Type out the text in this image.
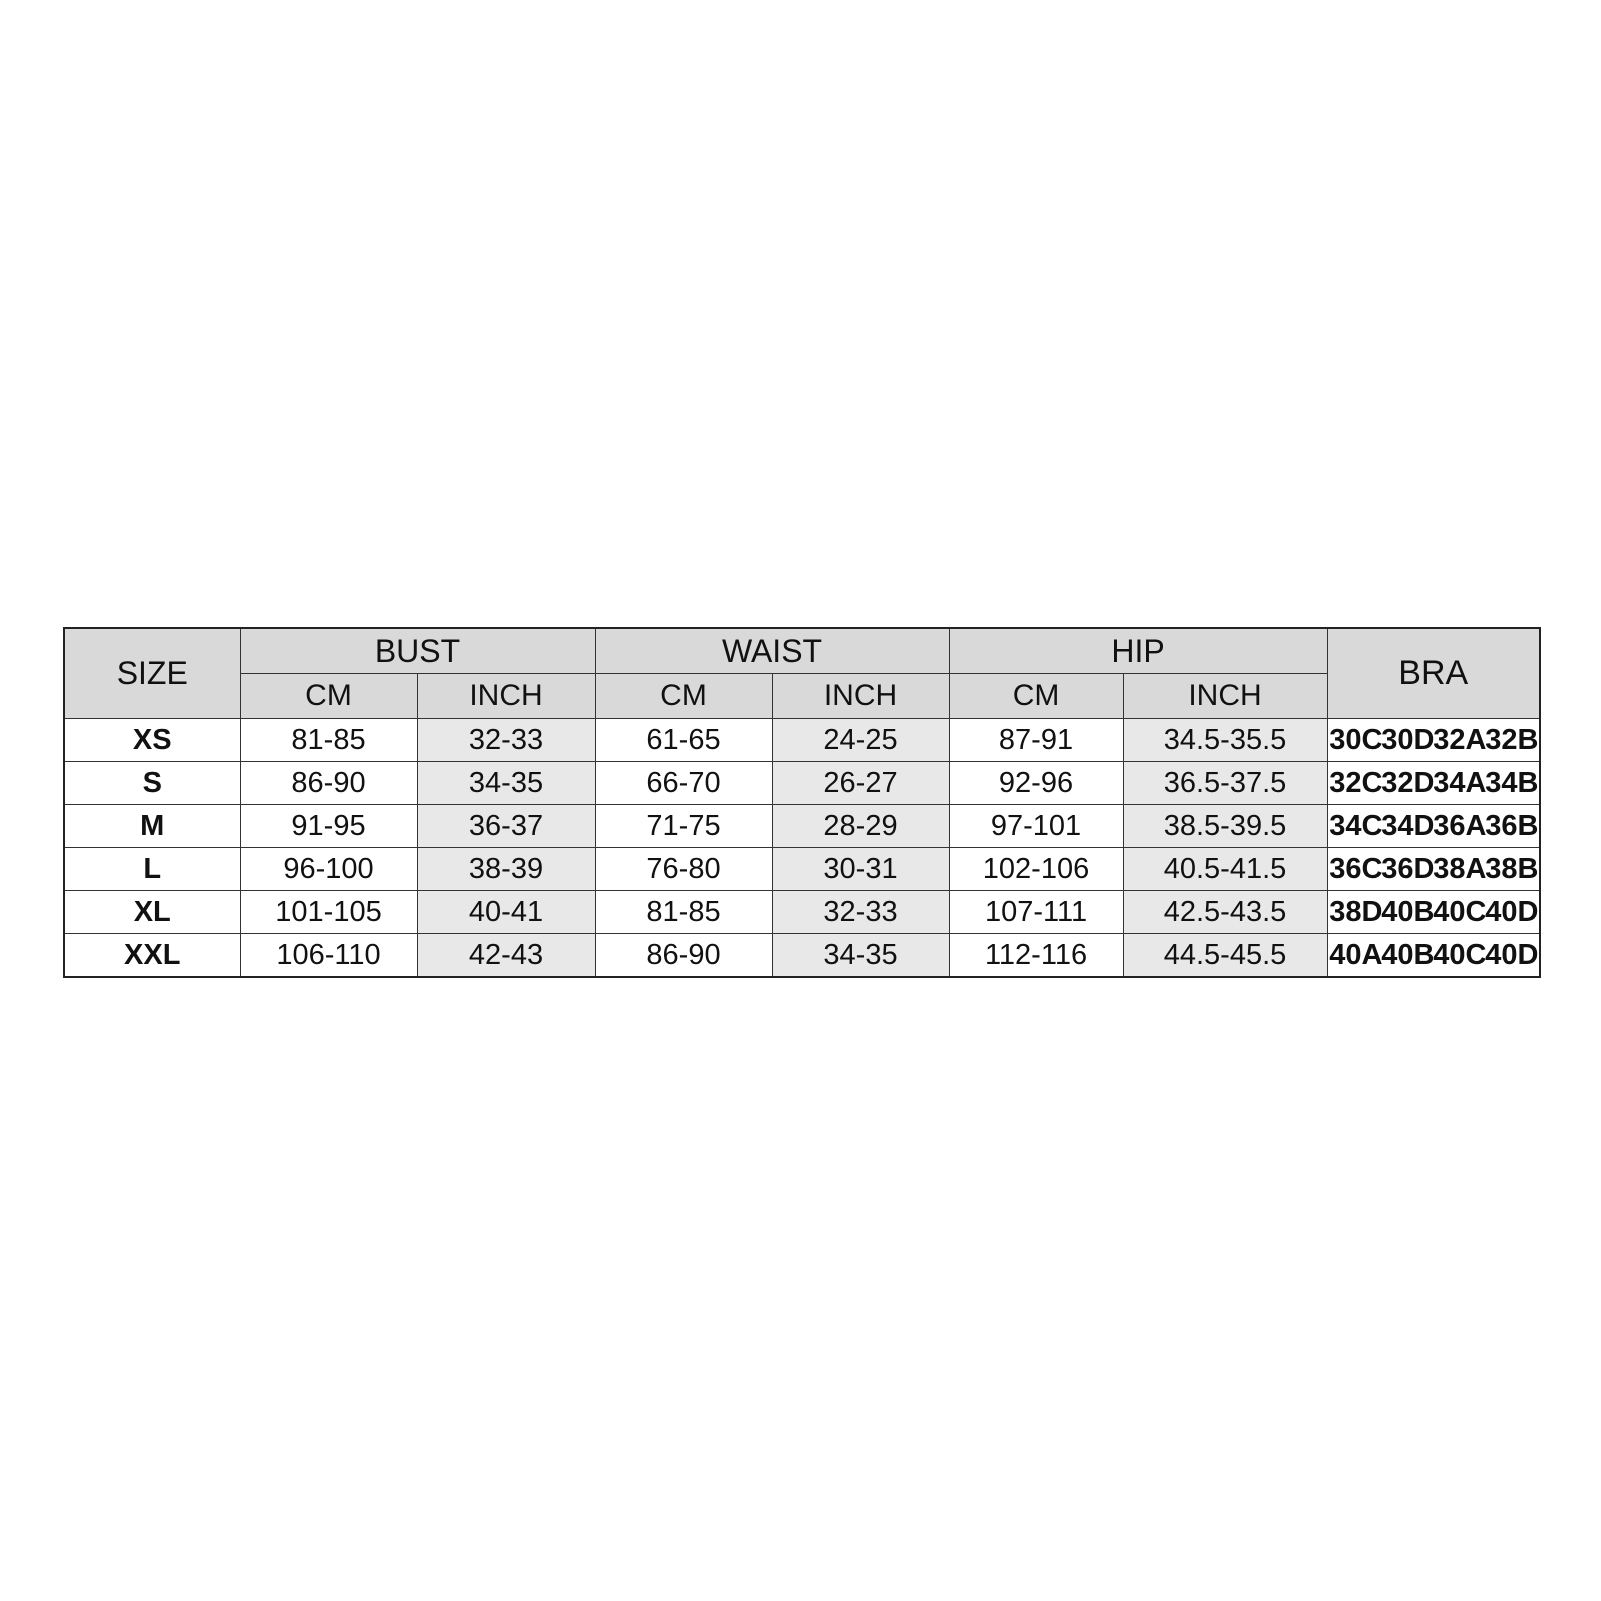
SIZE	BUST		WAIST		HIP		BRA
	CM	INCH	CM	INCH	CM	INCH	
XS	81-85	32-33	61-65	24-25	87-91	34.5-35.5	30C30D32A32B
S	86-90	34-35	66-70	26-27	92-96	36.5-37.5	32C32D34A34B
M	91-95	36-37	71-75	28-29	97-101	38.5-39.5	34C34D36A36B
L	96-100	38-39	76-80	30-31	102-106	40.5-41.5	36C36D38A38B
XL	101-105	40-41	81-85	32-33	107-111	42.5-43.5	38D40B40C40D
XXL	106-110	42-43	86-90	34-35	112-116	44.5-45.5	40A40B40C40D
